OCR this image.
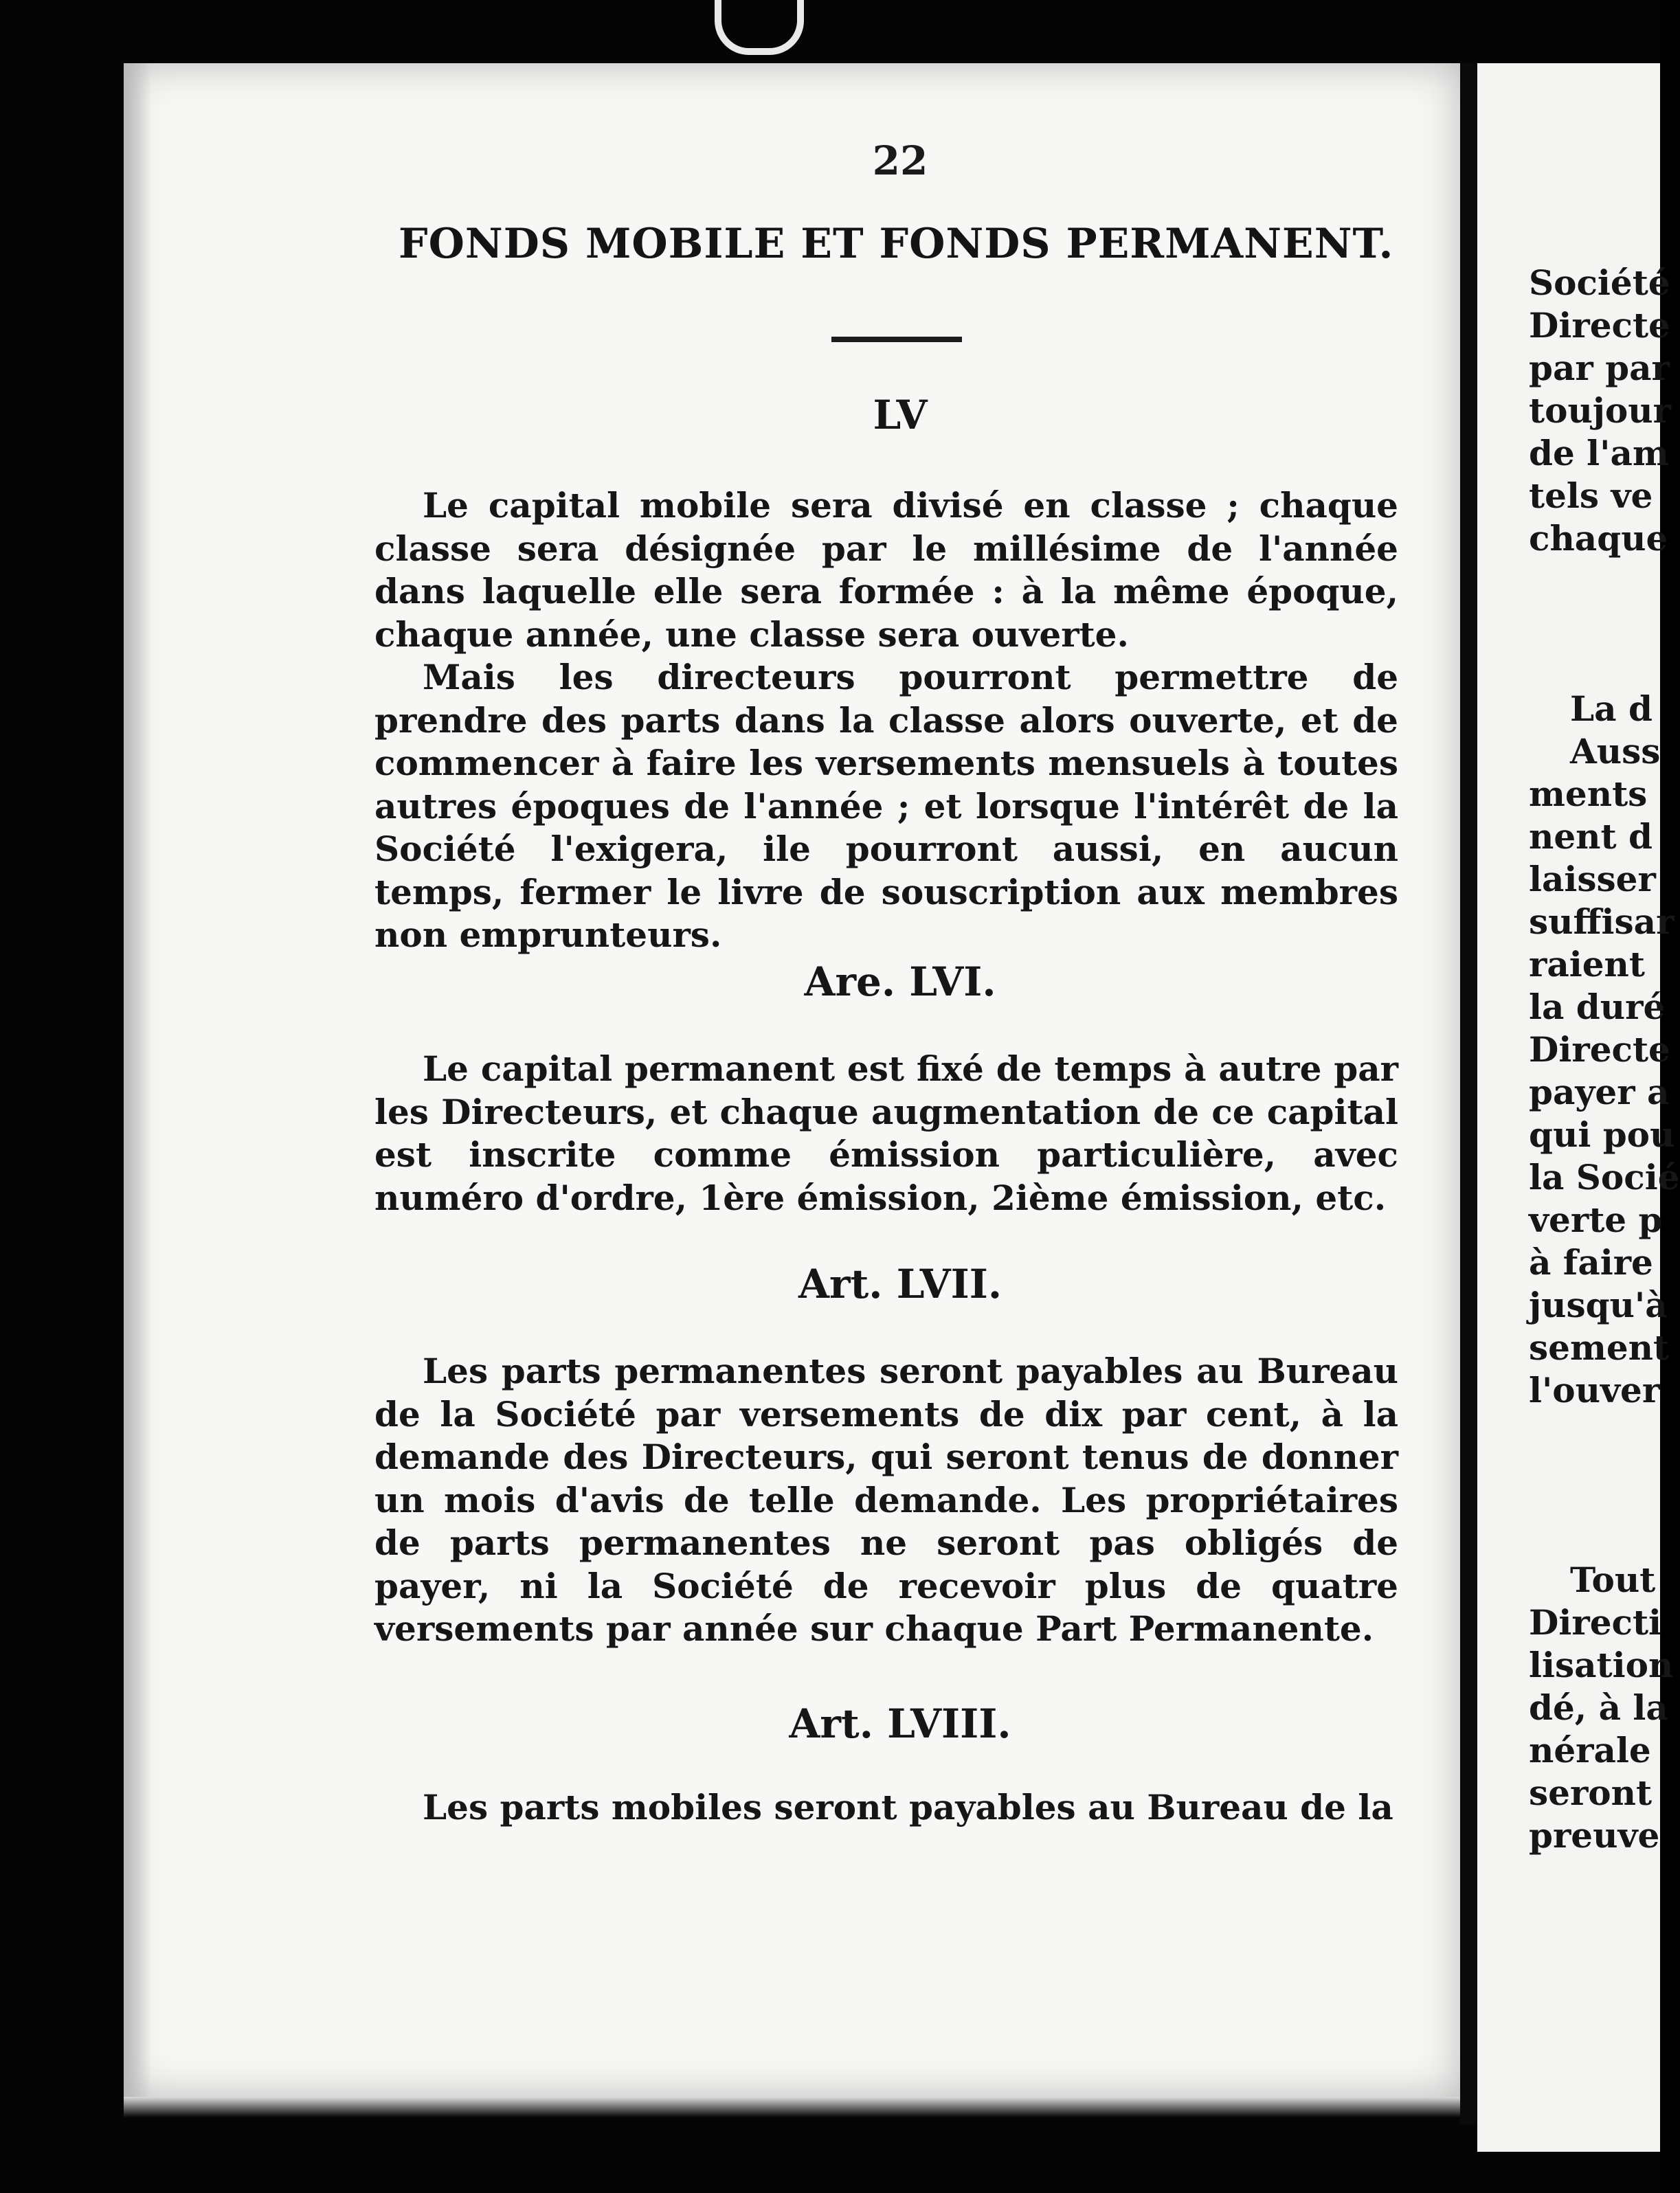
22
FONDS MOBILE ET FONDS PERMANENT.
LV

Le capital mobile sera divisé en classe ; chaque classe sera désignée par le millésime de l'année dans laquelle elle sera formée : à la même époque, chaque année, une classe sera ouverte.

Mais les directeurs pourront permettre de prendre des parts dans la classe alors ouverte, et de commencer à faire les versements mensuels à toutes autres époques de l'année ; et lorsque l'intérêt de la Société l'exigera, ile pourront aussi, en aucun temps, fermer le livre de souscription aux membres non emprunteurs.

Are. LVI.

Le capital permanent est fixé de temps à autre par les Directeurs, et chaque augmentation de ce capital est inscrite comme émission particulière, avec numéro d'ordre, 1ère émission, 2ième émission, etc.

Art. LVII.

Les parts permanentes seront payables au Bureau de la Société par versements de dix par cent, à la demande des Directeurs, qui seront tenus de donner un mois d'avis de telle demande. Les propriétaires de parts permanentes ne seront pas obligés de payer, ni la Société de recevoir plus de quatre versements par année sur chaque Part Permanente.

Art. LVIII.

Les parts mobiles seront payables au Bureau de la

Société
Directe
par par
toujour
de l'am
tels ve
chaque
La d
Auss
ments
nent d
laisser
suffisar
raient
la duré
Directe
payer a
qui pou
la Socié
verte p
à faire
jusqu'à
sement
l'ouver
Tout
Directi
lisation
dé, à la
nérale
seront
preuve
